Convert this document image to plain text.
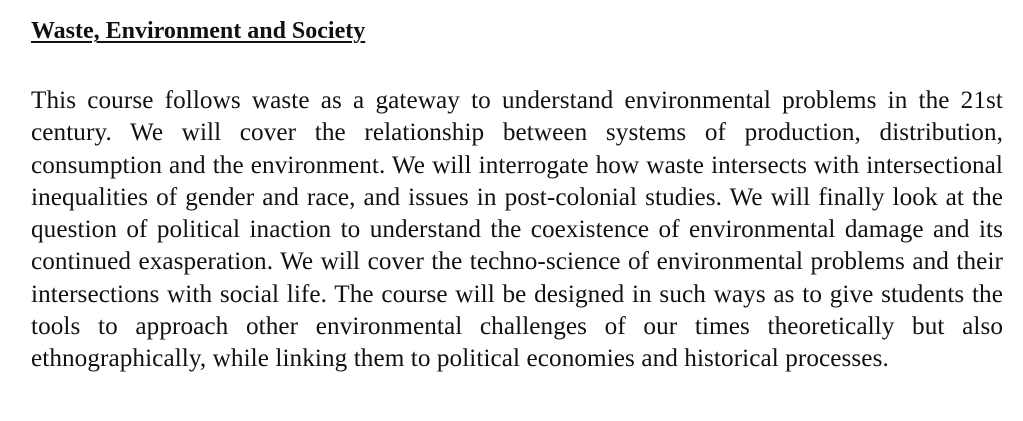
Waste, Environment and Society

This course follows waste as a gateway to understand environmental problems in the 21st century. We will cover the relationship between systems of production, distribution, consumption and the environment. We will interrogate how waste intersects with intersectional inequalities of gender and race, and issues in post-colonial studies. We will finally look at the question of political inaction to understand the coexistence of environmental damage and its continued exasperation. We will cover the techno-science of environmental problems and their intersections with social life. The course will be designed in such ways as to give students the tools to approach other environmental challenges of our times theoretically but also ethnographically, while linking them to political economies and historical processes.
